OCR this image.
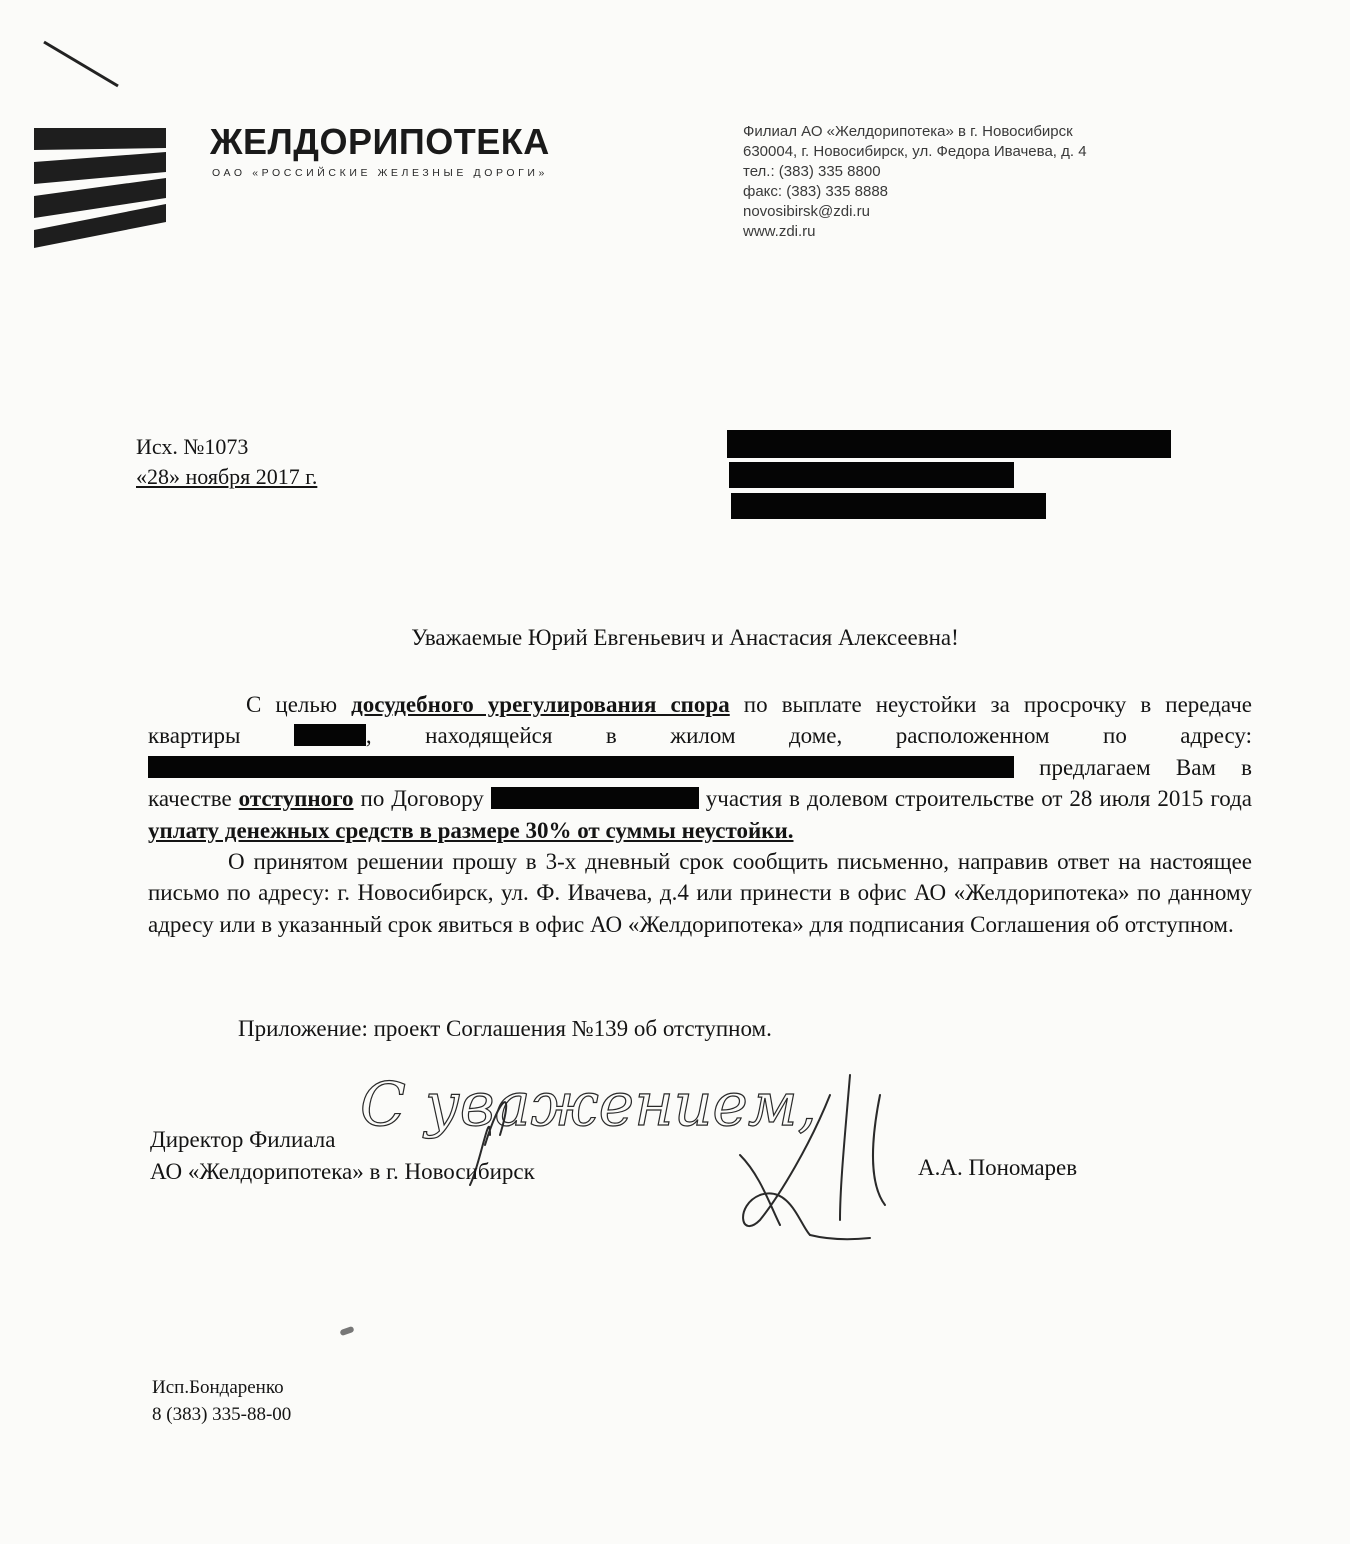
ЖЕЛДОРИПОТЕКА
ОАО «РОССИЙСКИЕ ЖЕЛЕЗНЫЕ ДОРОГИ»
Филиал АО «Желдорипотека» в г. Новосибирск
630004, г. Новосибирск, ул. Федора Ивачева, д. 4
тел.: (383) 335 8800
факс: (383) 335 8888
novosibirsk@zdi.ru
www.zdi.ru
Исх. №1073
«28» ноября 2017 г.
Уважаемые Юрий Евгеньевич и Анастасия Алексеевна!

С целью досудебного урегулирования спора по выплате неустойки за просрочку в передаче квартиры	, находящейся в жилом доме, расположенном по адресу:  предлагаем Вам в качестве отступного по Договору	участия в долевом строительстве от 28 июля 2015 года уплату денежных средств в размере 30% от суммы неустойки.

О принятом решении прошу в 3-х дневный срок сообщить письменно, направив ответ на настоящее письмо по адресу: г. Новосибирск, ул. Ф. Ивачева, д.4 или принести в офис АО «Желдорипотека» по данному адресу или в указанный срок явиться в офис АО «Желдорипотека» для подписания Соглашения об отступном.

Приложение: проект Соглашения №139 об отступном.
С уважением,
Директор Филиала
АО «Желдорипотека» в г. Новосибирск	А.А. Пономарев
Исп.Бондаренко
8 (383) 335-88-00
